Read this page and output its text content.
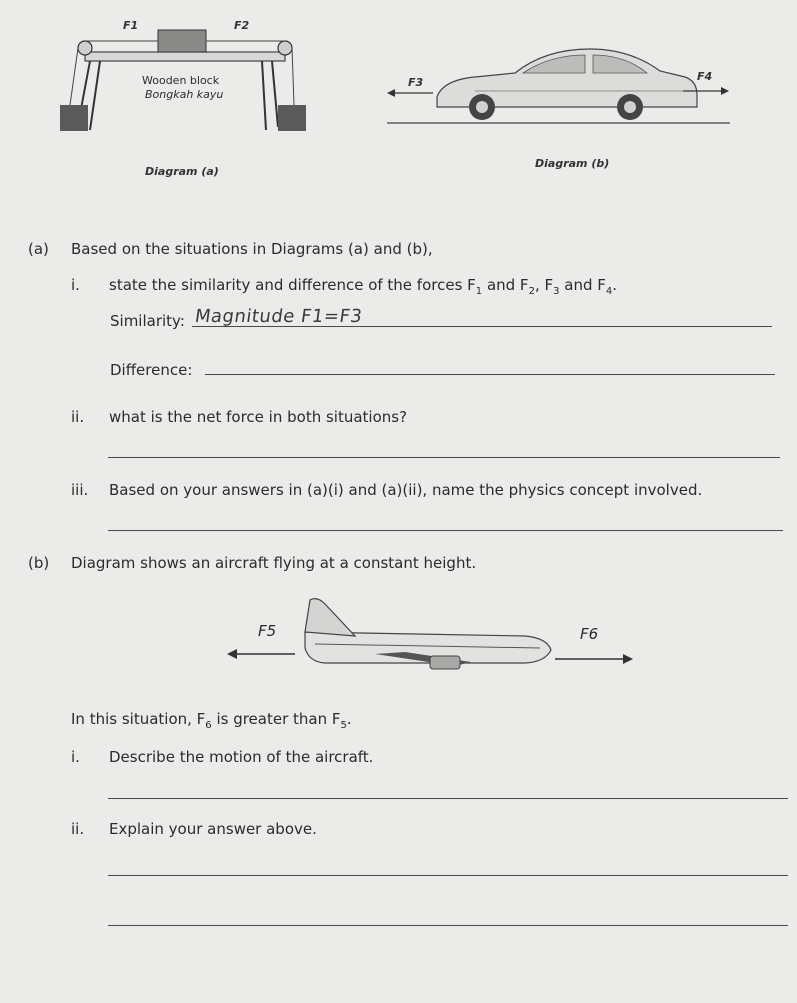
F1	F2
Wooden block
Bongkah kayu
Diagram (a)
F3	F4
Diagram (b)
(a) Based on the situations in Diagrams (a) and (b),
i. state the similarity and difference of the forces $F_1$ and $F_2$, $F_3$ and $F_4$.
Similarity: Magnitude F1=F3
Difference:
ii. what is the net force in both situations?
iii. Based on your answers in (a)(i) and (a)(ii), name the physics concept involved.
(b) Diagram shows an aircraft flying at a constant height.
F5	F6
In this situation, $F_6$ is greater than $F_5$.
i. Describe the motion of the aircraft.
ii. Explain your answer above.
